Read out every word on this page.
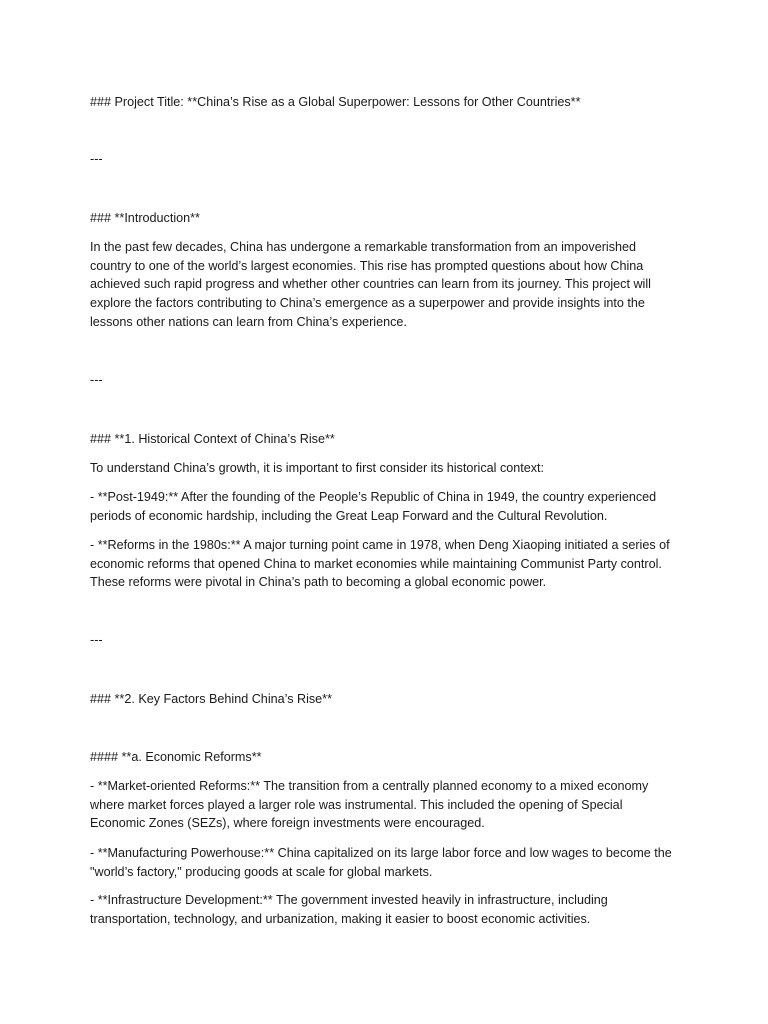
### Project Title: **China’s Rise as a Global Superpower: Lessons for Other Countries**
---
### **Introduction**
In the past few decades, China has undergone a remarkable transformation from an impoverished country to one of the world’s largest economies. This rise has prompted questions about how China achieved such rapid progress and whether other countries can learn from its journey. This project will explore the factors contributing to China’s emergence as a superpower and provide insights into the lessons other nations can learn from China’s experience.
---
### **1. Historical Context of China’s Rise**
To understand China’s growth, it is important to first consider its historical context:
- **Post-1949:** After the founding of the People’s Republic of China in 1949, the country experienced periods of economic hardship, including the Great Leap Forward and the Cultural Revolution.
- **Reforms in the 1980s:** A major turning point came in 1978, when Deng Xiaoping initiated a series of economic reforms that opened China to market economies while maintaining Communist Party control. These reforms were pivotal in China’s path to becoming a global economic power.
---
### **2. Key Factors Behind China’s Rise**
#### **a. Economic Reforms**
- **Market-oriented Reforms:** The transition from a centrally planned economy to a mixed economy where market forces played a larger role was instrumental. This included the opening of Special Economic Zones (SEZs), where foreign investments were encouraged.
- **Manufacturing Powerhouse:** China capitalized on its large labor force and low wages to become the "world’s factory," producing goods at scale for global markets.
- **Infrastructure Development:** The government invested heavily in infrastructure, including transportation, technology, and urbanization, making it easier to boost economic activities.
